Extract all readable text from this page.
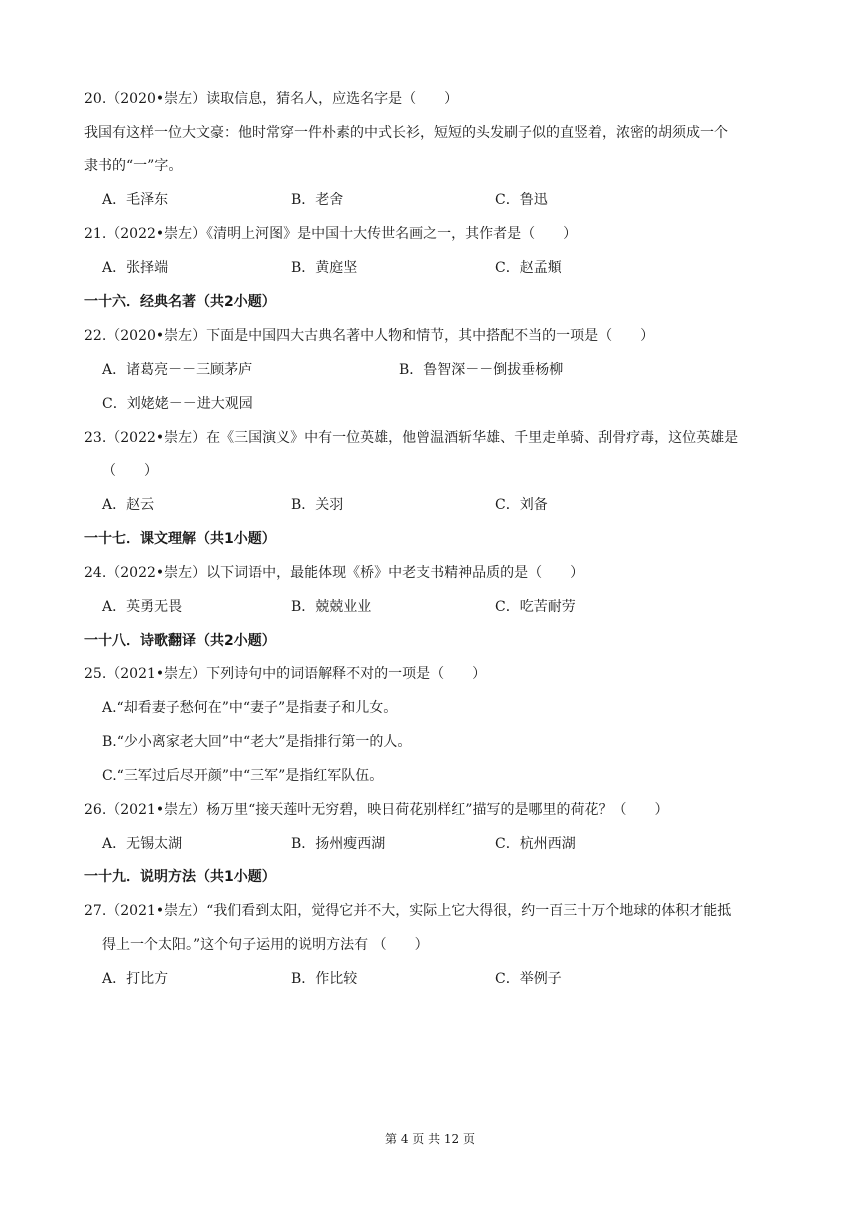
20.（2020•崇左）读取信息，猜名人，应选名字是（　　）
我国有这样一位大文豪：他时常穿一件朴素的中式长衫，短短的头发刷子似的直竖着，浓密的胡须成一个
隶书的“一”字。
A．毛泽东	B．老舍	C．鲁迅
21.（2022•崇左）《清明上河图》是中国十大传世名画之一，其作者是（　　）
A．张择端	B．黄庭坚	C．赵孟頫
一十六．经典名著（共2小题）
22.（2020•崇左）下面是中国四大古典名著中人物和情节，其中搭配不当的一项是（　　）
A．诸葛亮－－三顾茅庐	B．鲁智深－－倒拔垂杨柳
C．刘姥姥－－进大观园
23.（2022•崇左）在《三国演义》中有一位英雄，他曾温酒斩华雄、千里走单骑、刮骨疗毒，这位英雄是
（　　）
A．赵云	B．关羽	C．刘备
一十七．课文理解（共1小题）
24.（2022•崇左）以下词语中，最能体现《桥》中老支书精神品质的是（　　）
A．英勇无畏	B．兢兢业业	C．吃苦耐劳
一十八．诗歌翻译（共2小题）
25.（2021•崇左）下列诗句中的词语解释不对的一项是（　　）
A.“却看妻子愁何在”中“妻子”是指妻子和儿女。
B.“少小离家老大回”中“老大”是指排行第一的人。
C.“三军过后尽开颜”中“三军”是指红军队伍。
26.（2021•崇左）杨万里“接天莲叶无穷碧，映日荷花别样红”描写的是哪里的荷花？（　　）
A．无锡太湖	B．扬州瘦西湖	C．杭州西湖
一十九．说明方法（共1小题）
27.（2021•崇左）“我们看到太阳，觉得它并不大，实际上它大得很，约一百三十万个地球的体积才能抵
得上一个太阳。”这个句子运用的说明方法有 （　　）
A．打比方	B．作比较	C．举例子
第 4 页 共 12 页
